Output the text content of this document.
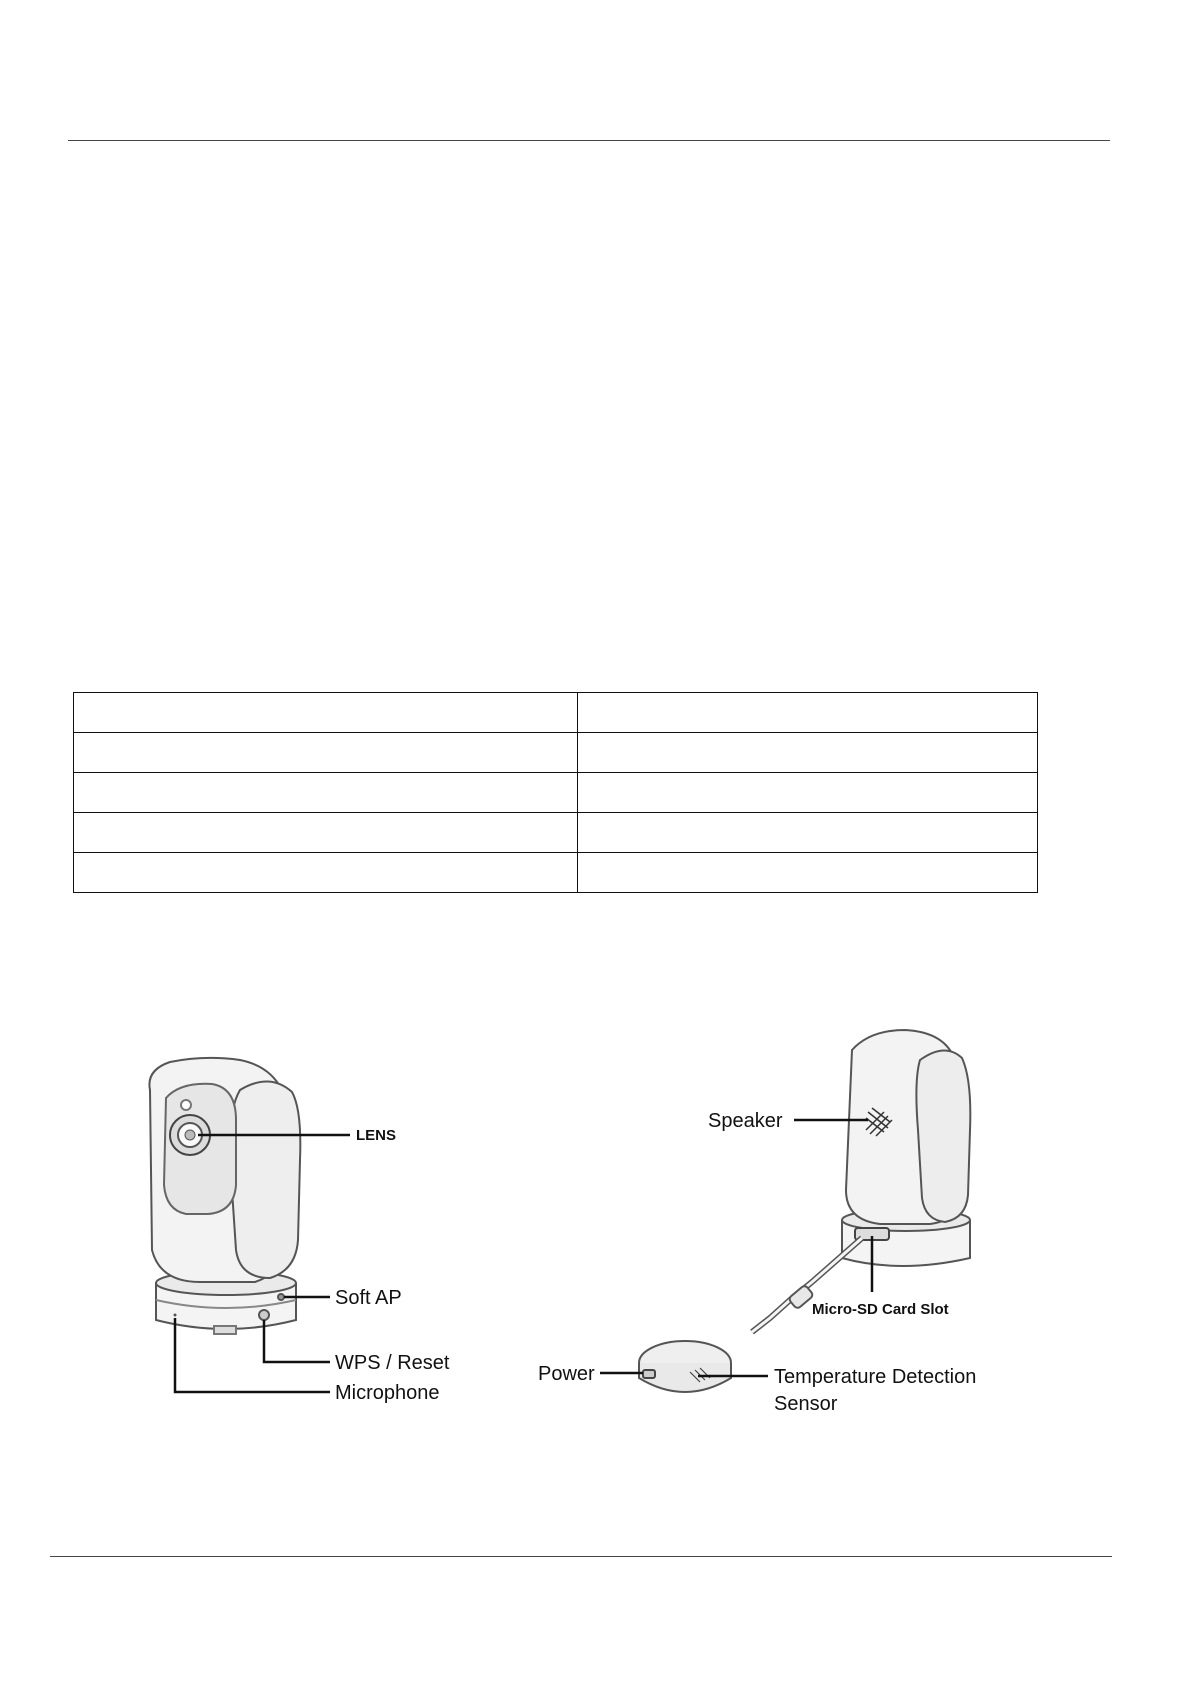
LENS
Soft AP
WPS / Reset
Microphone
Speaker
Micro-SD Card Slot
Power	Temperature Detection
Sensor
